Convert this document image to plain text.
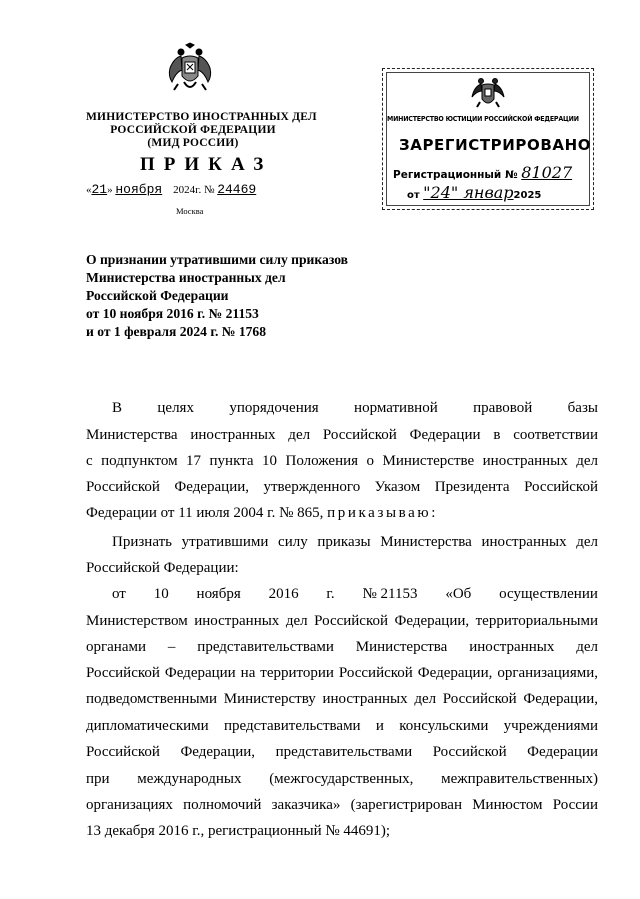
МИНИСТЕРСТВО ИНОСТРАННЫХ ДЕЛ
РОССИЙСКОЙ ФЕДЕРАЦИИ
(МИД РОССИИ)
ПРИКАЗ
«21» ноября 2024г. № 24469
Москва
МИНИСТЕРСТВО ЮСТИЦИИ РОССИЙСКОЙ ФЕДЕРАЦИИ
ЗАРЕГИСТРИРОВАНО
Регистрационный № 81027
от "24" январ2025
О признании утратившими силу приказов
Министерства иностранных дел
Российской Федерации
от 10 ноября 2016 г. № 21153
и от 1 февраля 2024 г. № 1768
В целях упорядочения нормативной правовой базы
Министерства иностранных дел Российской Федерации в соответствии
с подпунктом 17 пункта 10 Положения о Министерстве иностранных дел
Российской Федерации, утвержденного Указом Президента Российской
Федерации от 11 июля 2004 г. № 865, приказываю:
Признать утратившими силу приказы Министерства иностранных дел
Российской Федерации:
от 10 ноября 2016 г. № 21153 «Об осуществлении
Министерством иностранных дел Российской Федерации, территориальными
органами – представительствами Министерства иностранных дел
Российской Федерации на территории Российской Федерации, организациями,
подведомственными Министерству иностранных дел Российской Федерации,
дипломатическими представительствами и консульскими учреждениями
Российской Федерации, представительствами Российской Федерации
при международных (межгосударственных, межправительственных)
организациях полномочий заказчика» (зарегистрирован Минюстом России
13 декабря 2016 г., регистрационный № 44691);
